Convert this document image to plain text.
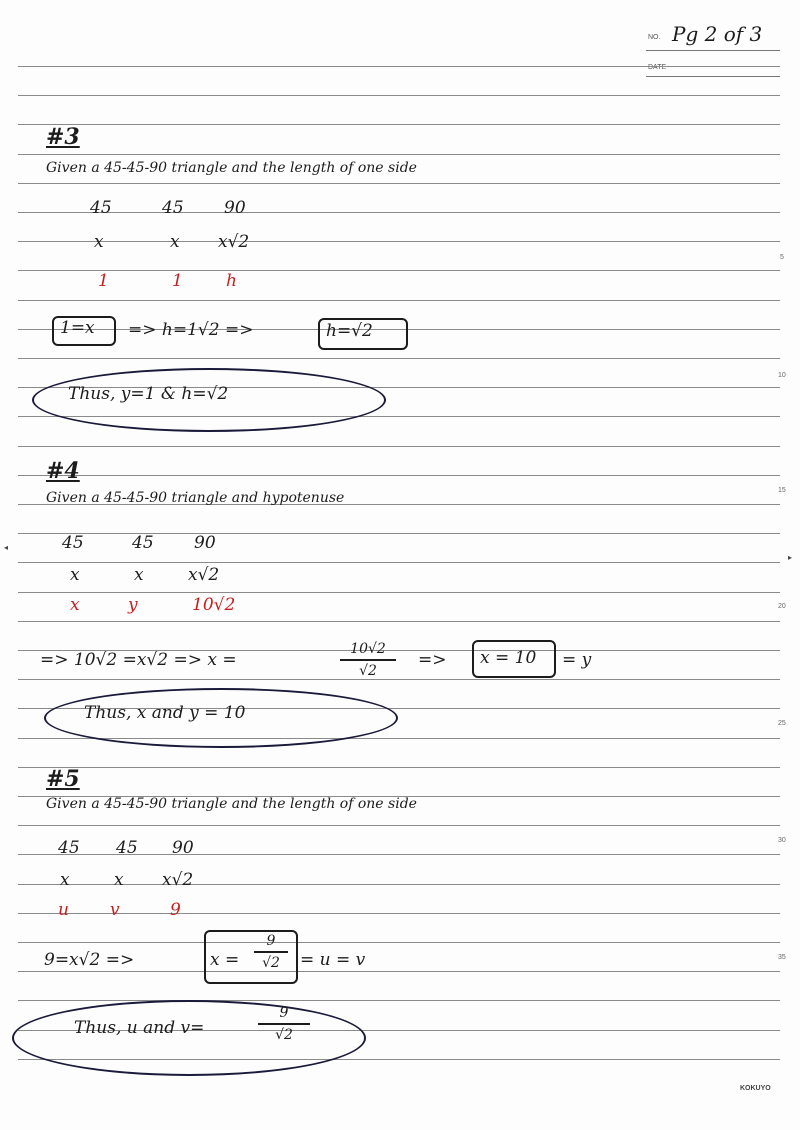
NO. Pg 2 of 3
DATE
5
10
15
20
25
30
35
◂
▸
#3
Given a 45-45-90 triangle and the length of one side
45	45 90
x	x x√2
1	1	h
1=x => h=1√2 =>	h=√2
Thus, y=1 & h=√2
#4
Given a 45-45-90 triangle and hypotenuse
45	45 90
x	x	x√2
x	y	10√2
=> 10√2 =x√2 => x =
10√2
√2
=> x = 10 = y
Thus, x and y = 10
#5
Given a 45-45-90 triangle and the length of one side
45 45 90
x	x x√2
u v	9
9=x√2 =>	x =
9
√2	= u = v
Thus, u and v=
9
√2
KOKUYO
